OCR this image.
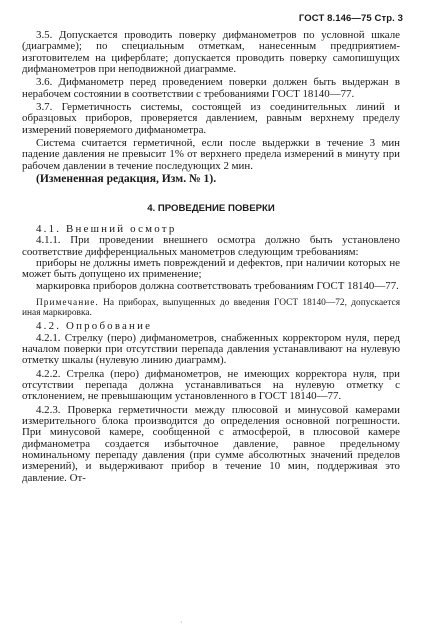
ГОСТ 8.146—75 Стр. 3

3.5. Допускается проводить поверку дифманометров по условной шкале (диаграмме); по специальным отметкам, нанесенным предприятием-изготовителем на циферблате; допускается проводить поверку самопишущих дифманометров при неподвижной диаграмме.

3.6. Дифманометр перед проведением поверки должен быть выдержан в нерабочем состоянии в соответствии с требованиями ГОСТ 18140—77.

3.7. Герметичность системы, состоящей из соединительных линий и образцовых приборов, проверяется давлением, равным верхнему пределу измерений поверяемого дифманометра.

Система считается герметичной, если после выдержки в течение 3 мин падение давления не превысит 1% от верхнего предела измерений в минуту при рабочем давлении в течение последующих 2 мин.

(Измененная редакция, Изм. № 1).

4. ПРОВЕДЕНИЕ ПОВЕРКИ

4.1. Внешний осмотр

4.1.1. При проведении внешнего осмотра должно быть установлено соответствие дифференциальных манометров следующим требованиям:

приборы не должны иметь повреждений и дефектов, при наличии которых не может быть допущено их применение;

маркировка приборов должна соответствовать требованиям ГОСТ 18140—77.

Примечание. На приборах, выпущенных до введения ГОСТ 18140—72, допускается иная маркировка.

4.2. Опробование

4.2.1. Стрелку (перо) дифманометров, снабженных корректором нуля, перед началом поверки при отсутствии перепада давления устанавливают на нулевую отметку шкалы (нулевую линию диаграмм).

4.2.2. Стрелка (перо) дифманометров, не имеющих корректора нуля, при отсутствии перепада должна устанавливаться на нулевую отметку с отклонением, не превышающим установленного в ГОСТ 18140—77.

4.2.3. Проверка герметичности между плюсовой и минусовой камерами измерительного блока производится до определения основной погрешности. При минусовой камере, сообщенной с атмосферой, в плюсовой камере дифманометра создается избыточное давление, равное предельному номинальному перепаду давления (при сумме абсолютных значений пределов измерений), и выдерживают прибор в течение 10 мин, поддерживая это давление. От-

·
